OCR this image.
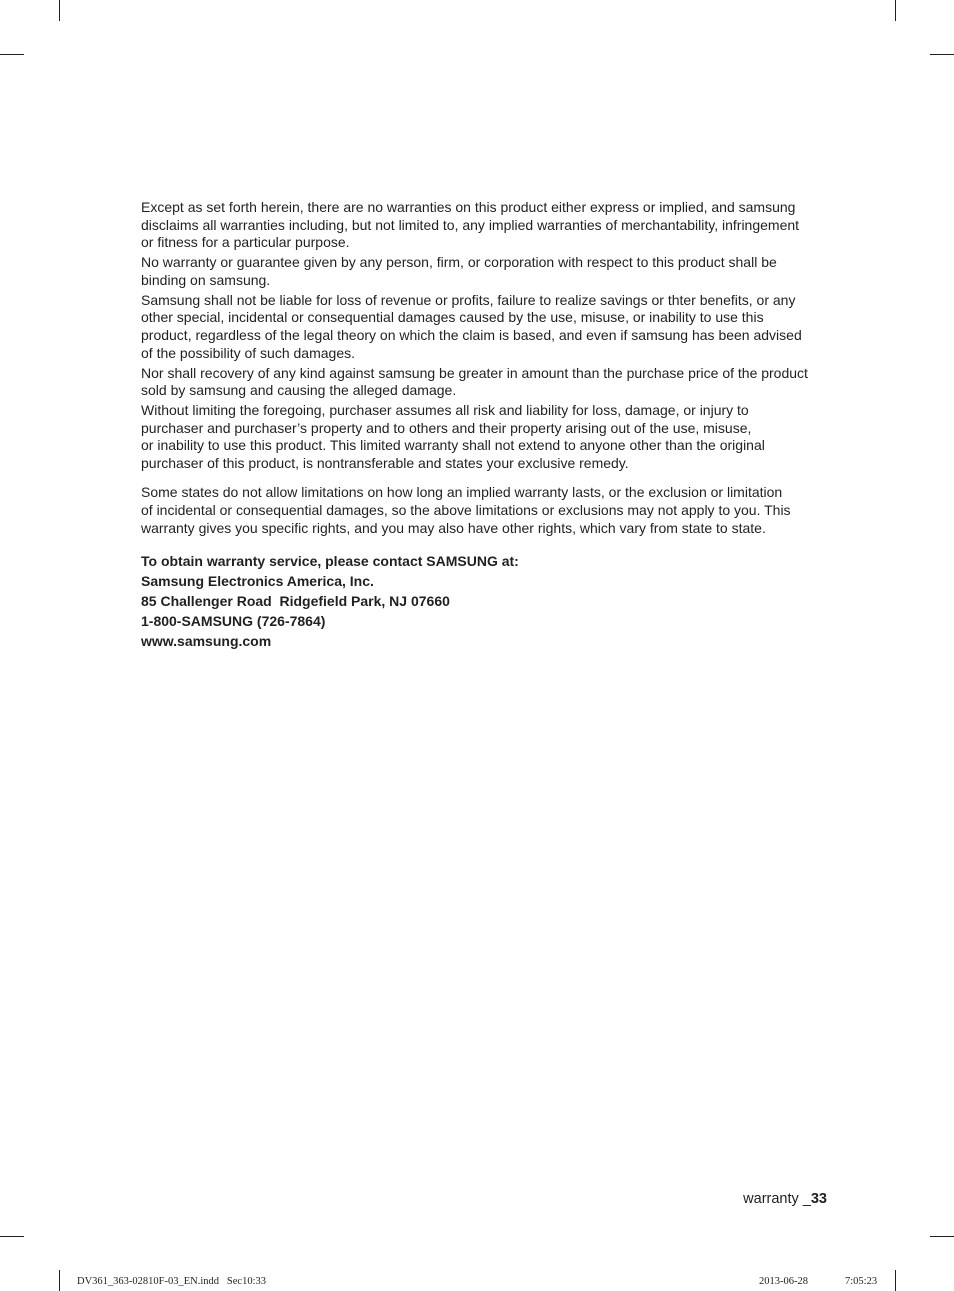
Except as set forth herein, there are no warranties on this product either express or implied, and samsung
disclaims all warranties including, but not limited to, any implied warranties of merchantability, infringement
or fitness for a particular purpose.

No warranty or guarantee given by any person, firm, or corporation with respect to this product shall be
binding on samsung.

Samsung shall not be liable for loss of revenue or profits, failure to realize savings or thter benefits, or any
other special, incidental or consequential damages caused by the use, misuse, or inability to use this
product, regardless of the legal theory on which the claim is based, and even if samsung has been advised
of the possibility of such damages.

Nor shall recovery of any kind against samsung be greater in amount than the purchase price of the product
sold by samsung and causing the alleged damage.

Without limiting the foregoing, purchaser assumes all risk and liability for loss, damage, or injury to
purchaser and purchaser’s property and to others and their property arising out of the use, misuse,
or inability to use this product. This limited warranty shall not extend to anyone other than the original
purchaser of this product, is nontransferable and states your exclusive remedy.

Some states do not allow limitations on how long an implied warranty lasts, or the exclusion or limitation
of incidental or consequential damages, so the above limitations or exclusions may not apply to you. This
warranty gives you specific rights, and you may also have other rights, which vary from state to state.

To obtain warranty service, please contact SAMSUNG at:
Samsung Electronics America, Inc.
85 Challenger Road  Ridgefield Park, NJ 07660
1-800-SAMSUNG (726-7864)
www.samsung.com
warranty _33
DV361_363-02810F-03_EN.indd   Sec10:33	2013-06-28	7:05:23
